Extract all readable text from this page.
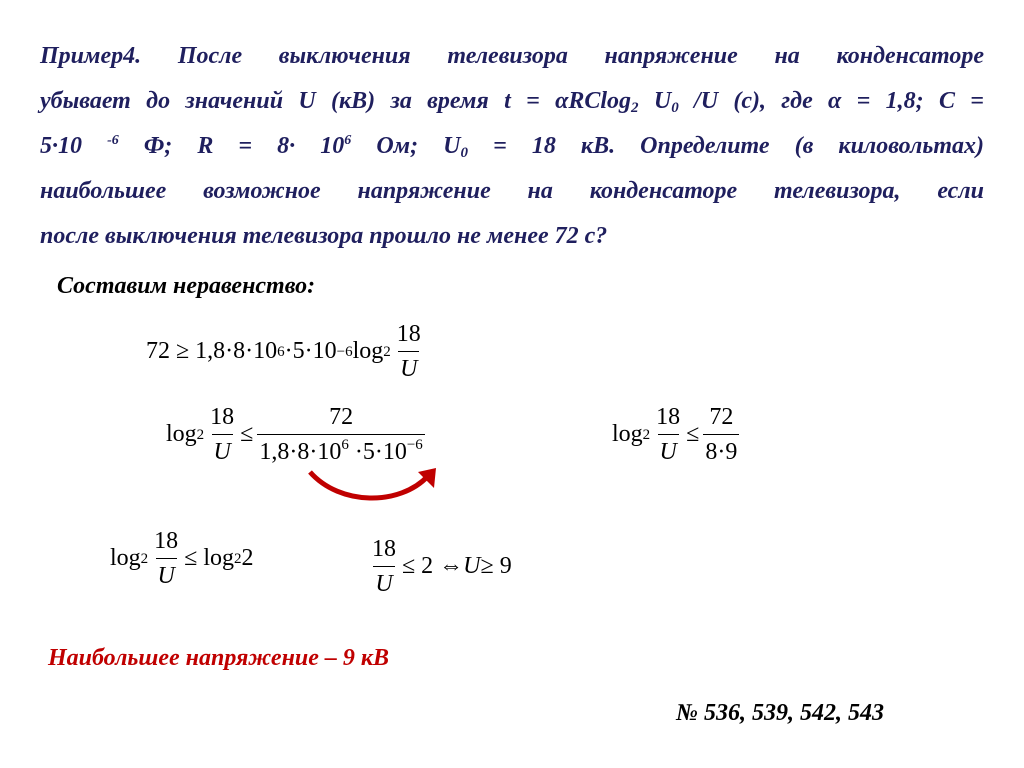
Пример4. После выключения телевизора напряжение на конденсаторе
убывает до значений U (кВ) за время t = αRClog$_2$ $U_0$ /U (с), где α = 1,8; C =
5·10 $^{-6}$ Ф; $R = 8\cdot 10^6$ Ом; $U_0 = 18$ кВ. Определите (в киловольтах)
наибольшее возможное напряжение на конденсаторе телевизора, если
после выключения телевизора прошло не менее 72 с?
Составим неравенство:
72 ≥ 1,8·8·10 6 ·5·10 −6 $\log 2 \frac{18}{U}$
$\log 2 \frac{18}{U} \le \frac{72}{1,8\cdot 8\cdot 10^6 \cdot 5\cdot 10^{-6}}$	$\log 2 \frac{18}{U} \le \frac{72}{8\cdot 9}$
$\log 2 \frac{18}{U} \le \log 2$ 2	$\frac{18}{U} \le 2$ ⇔ U ≥ 9
Наибольшее напряжение – 9 кВ
№ 536, 539, 542, 543
